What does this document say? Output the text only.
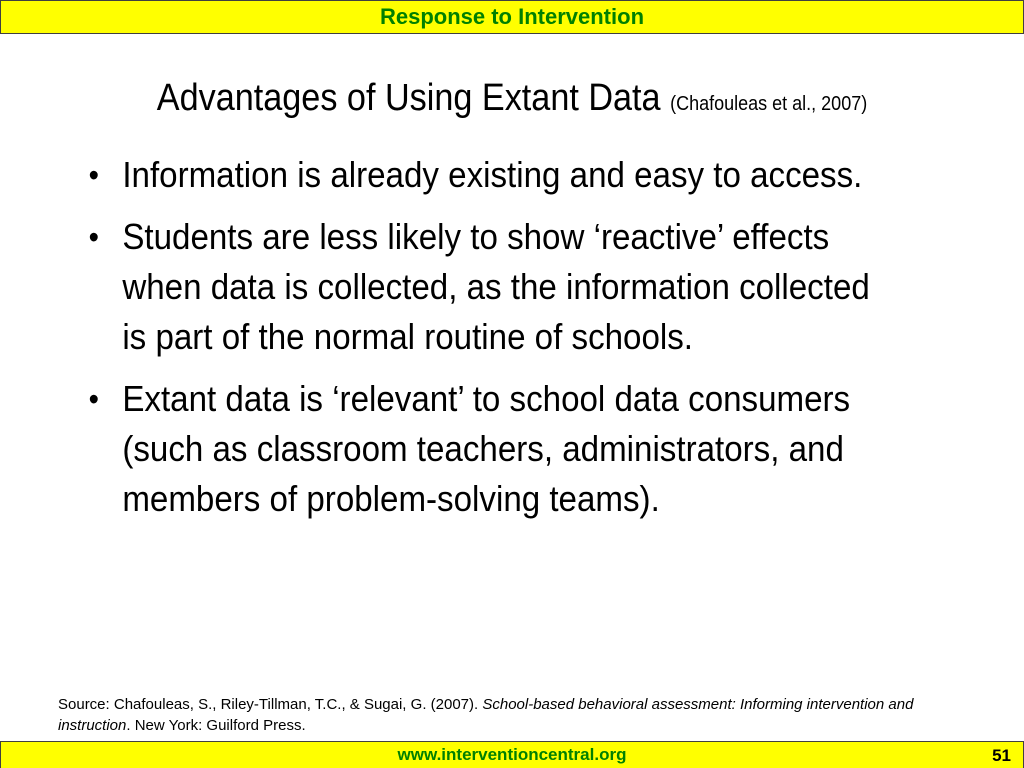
Response to Intervention
Advantages of Using Extant Data (Chafouleas et al., 2007)
• Information is already existing and easy to access.
• Students are less likely to show ‘reactive’ effects when data is collected, as the information collected is part of the normal routine of schools.
• Extant data is ‘relevant’ to school data consumers (such as classroom teachers, administrators, and members of problem-solving teams).
Source: Chafouleas, S., Riley-Tillman, T.C., & Sugai, G. (2007). School-based behavioral assessment: Informing intervention and instruction. New York: Guilford Press.
www.interventioncentral.org	51
